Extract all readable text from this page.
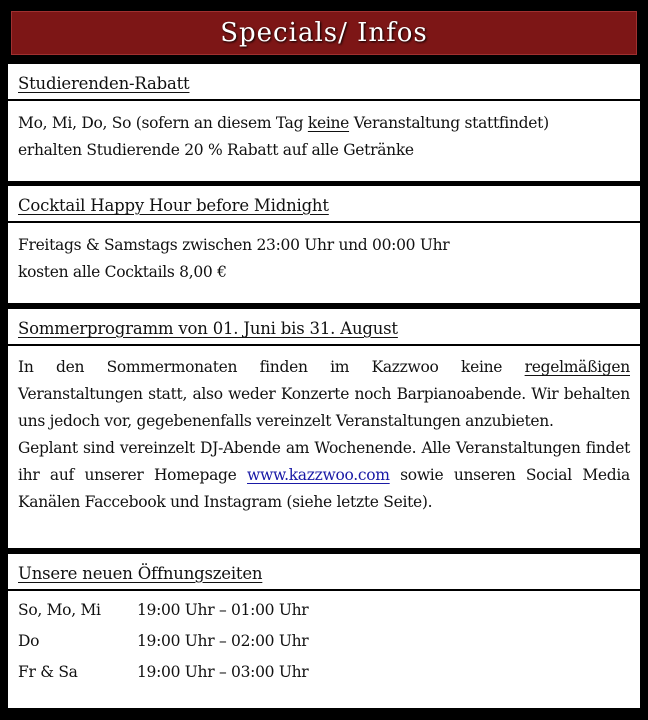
Specials/ Infos
Studierenden-Rabatt
Mo, Mi, Do, So (sofern an diesem Tag keine Veranstaltung stattfindet)
erhalten Studierende 20 % Rabatt auf alle Getränke
Cocktail Happy Hour before Midnight
Freitags & Samstags zwischen 23:00 Uhr und 00:00 Uhr
kosten alle Cocktails 8,00 €
Sommerprogramm von 01. Juni bis 31. August
In den Sommermonaten finden im Kazzwoo keine regelmäßigen Veranstaltungen statt, also weder Konzerte noch Barpianoabende. Wir behalten uns jedoch vor, gegebenenfalls vereinzelt Veranstaltungen anzubieten.
Geplant sind vereinzelt DJ-Abende am Wochenende. Alle Veranstaltungen findet ihr auf unserer Homepage www.kazzwoo.com sowie unseren Social Media Kanälen Faccebook und Instagram (siehe letzte Seite).
Unsere neuen Öffnungszeiten
So, Mo, Mi	19:00 Uhr – 01:00 Uhr
Do	19:00 Uhr – 02:00 Uhr
Fr & Sa	19:00 Uhr – 03:00 Uhr
